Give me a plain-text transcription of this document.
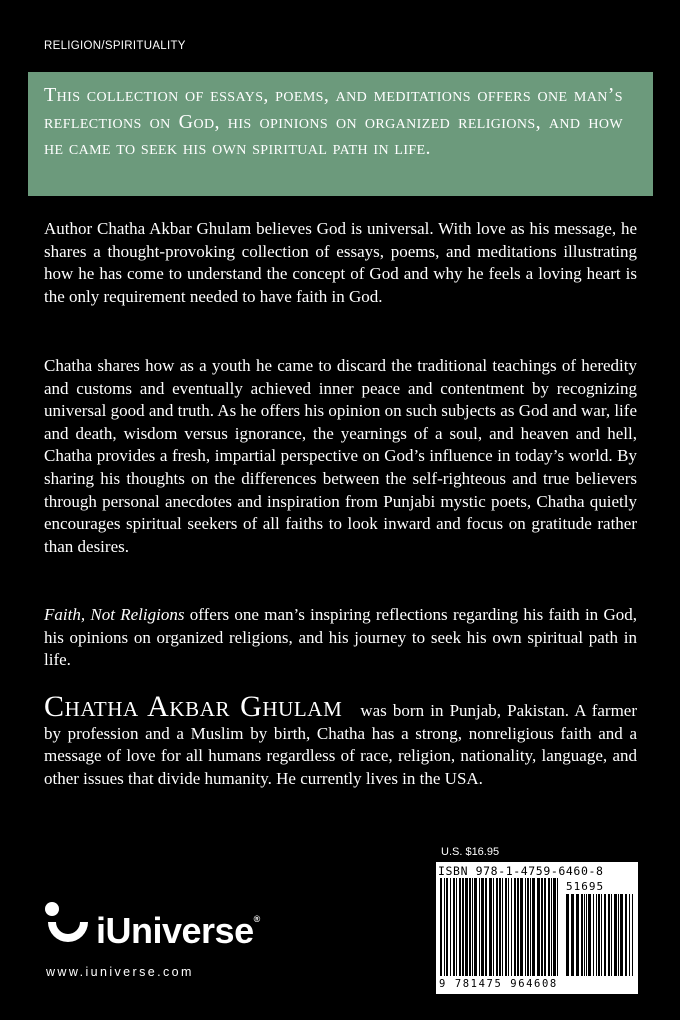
RELIGION/SPIRITUALITY

This collection of essays, poems, and meditations offers one man’s reflections on God, his opinions on organized religions, and how he came to seek his own spiritual path in life.

Author Chatha Akbar Ghulam believes God is universal. With love as his message, he shares a thought-provoking collection of essays, poems, and meditations illustrating how he has come to understand the concept of God and why he feels a loving heart is the only requirement needed to have faith in God.
Chatha shares how as a youth he came to discard the traditional teachings of heredity and customs and eventually achieved inner peace and contentment by recognizing universal good and truth. As he offers his opinion on such subjects as God and war, life and death, wisdom versus ignorance, the yearnings of a soul, and heaven and hell, Chatha provides a fresh, impartial perspective on God’s influence in today’s world. By sharing his thoughts on the differences between the self-righteous and true believers through personal anecdotes and inspiration from Punjabi mystic poets, Chatha quietly encourages spiritual seekers of all faiths to look inward and focus on gratitude rather than desires.
Faith, Not Religions offers one man’s inspiring reflections regarding his faith in God, his opinions on organized religions, and his journey to seek his own spiritual path in life.
Chatha Akbar Ghulam was born in Punjab, Pakistan. A farmer by profession and a Muslim by birth, Chatha has a strong, nonreligious faith and a message of love for all humans regardless of race, religion, nationality, language, and other issues that divide humanity. He currently lives in the USA.
U.S. $16.95
ISBN 978-1-4759-6460-8
51695
9 781475 964608
iUniverse®
www.iuniverse.com
